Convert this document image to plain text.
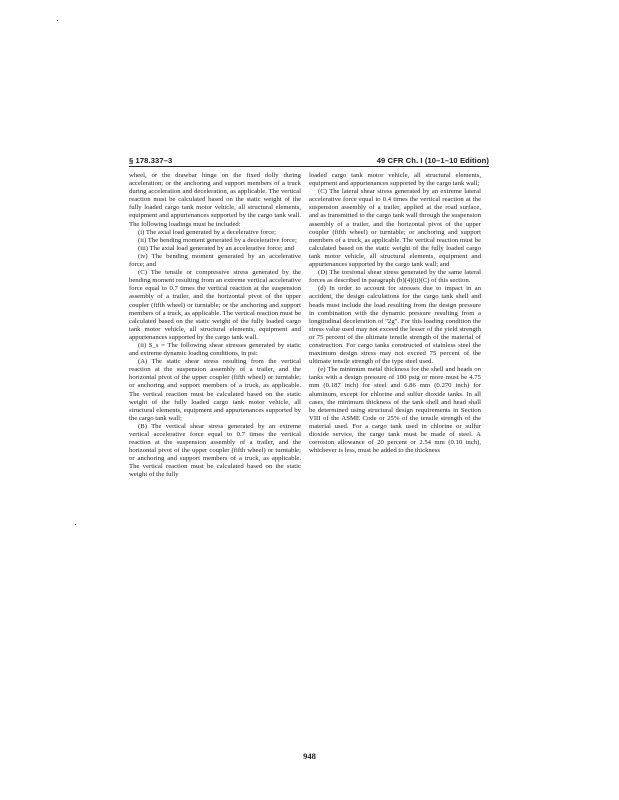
§ 178.337–3	49 CFR Ch. I (10–1–10 Edition)

wheel, or the drawbar hinge on the fixed dolly during acceleration; or the anchoring and support members of a truck during acceleration and deceleration, as applicable. The vertical reaction must be calculated based on the static weight of the fully loaded cargo tank motor vehicle, all structural elements, equipment and appurtenances supported by the cargo tank wall. The following loadings must be included:

(i) The axial load generated by a decelerative force;

(ii) The bending moment generated by a decelerative force;

(iii) The axial load generated by an accelerative force; and

(iv) The bending moment generated by an accelerative force; and

(C) The tensile or compressive stress generated by the bending moment resulting from an extreme vertical accelerative force equal to 0.7 times the vertical reaction at the suspension assembly of a trailer, and the horizontal pivot of the upper coupler (fifth wheel) or turntable; or the anchoring and support members of a truck, as applicable. The vertical reaction must be calculated based on the static weight of the fully loaded cargo tank motor vehicle, all structural elements, equipment and appurtenances supported by the cargo tank wall.

(ii) S_s = The following shear stresses generated by static and extreme dynamic loading conditions, in psi:

(A) The static shear stress resulting from the vertical reaction at the suspension assembly of a trailer, and the horizontal pivot of the upper coupler (fifth wheel) or turntable; or anchoring and support members of a truck, as applicable. The vertical reaction must be calculated based on the static weight of the fully loaded cargo tank motor vehicle, all structural elements, equipment and appurtenances supported by the cargo tank wall;

(B) The vertical shear stress generated by an extreme vertical accelerative force equal to 0.7 times the vertical reaction at the suspension assembly of a trailer, and the horizontal pivot of the upper coupler (fifth wheel) or turntable; or anchoring and support members of a truck, as applicable. The vertical reaction must be calculated based on the static weight of the fully

loaded cargo tank motor vehicle, all structural elements, equipment and appurtenances supported by the cargo tank wall;

(C) The lateral shear stress generated by an extreme lateral accelerative force equal to 0.4 times the vertical reaction at the suspension assembly of a trailer, applied at the road surface, and as transmitted to the cargo tank wall through the suspension assembly of a trailer, and the horizontal pivot of the upper coupler (fifth wheel) or turntable; or anchoring and support members of a truck, as applicable. The vertical reaction must be calculated based on the static weight of the fully loaded cargo tank motor vehicle, all structural elements, equipment and appurtenances supported by the cargo tank wall; and

(D) The torsional shear stress generated by the same lateral forces as described in paragraph (b)(4)(ii)(C) of this section.

(d) In order to account for stresses due to impact in an accident, the design calculations for the cargo tank shell and heads must include the load resulting from the design pressure in combination with the dynamic pressure resulting from a longitudinal deceleration of "2g". For this loading condition the stress value used may not exceed the lesser of the yield strength or 75 percent of the ultimate tensile strength of the material of construction. For cargo tanks constructed of stainless steel the maximum design stress may not exceed 75 percent of the ultimate tensile strength of the type steel used.

(e) The minimum metal thickness for the shell and heads on tanks with a design pressure of 100 psig or more must be 4.75 mm (0.187 inch) for steel and 6.86 mm (0.270 inch) for aluminum, except for chlorine and sulfur dioxide tanks. In all cases, the minimum thickness of the tank shell and head shall be determined using structural design requirements in Section VIII of the ASME Code or 25% of the tensile strength of the material used. For a cargo tank used in chlorine or sulfur dioxide service, the cargo tank must be made of steel. A corrosion allowance of 20 percent or 2.54 mm (0.10 inch), whichever is less, must be added to the thickness

948
